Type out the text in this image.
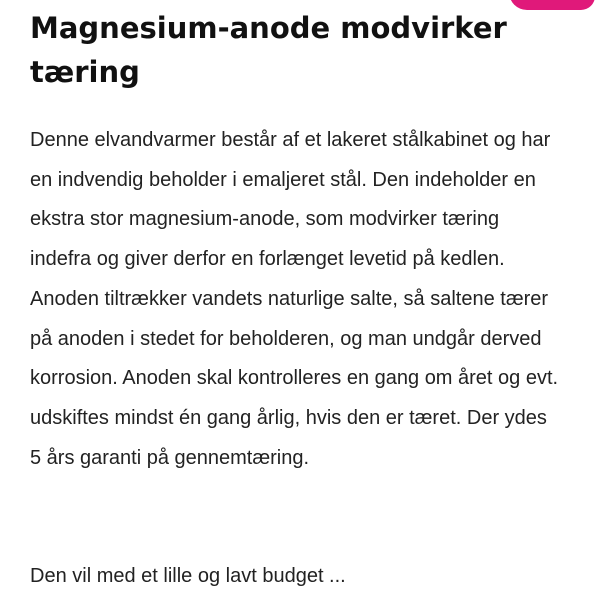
Magnesium-anode modvirker tæring

Denne elvandvarmer består af et lakeret stålkabinet og har en indvendig beholder i emaljeret stål. Den indeholder en ekstra stor magnesium-anode, som modvirker tæring indefra og giver derfor en forlænget levetid på kedlen. Anoden tiltrækker vandets naturlige salte, så saltene tærer på anoden i stedet for beholderen, og man undgår derved korrosion. Anoden skal kontrolleres en gang om året og evt. udskiftes mindst én gang årlig, hvis den er tæret. Der ydes 5 års garanti på gennemtæring.

Den vil med et lille og lavt budget ...
